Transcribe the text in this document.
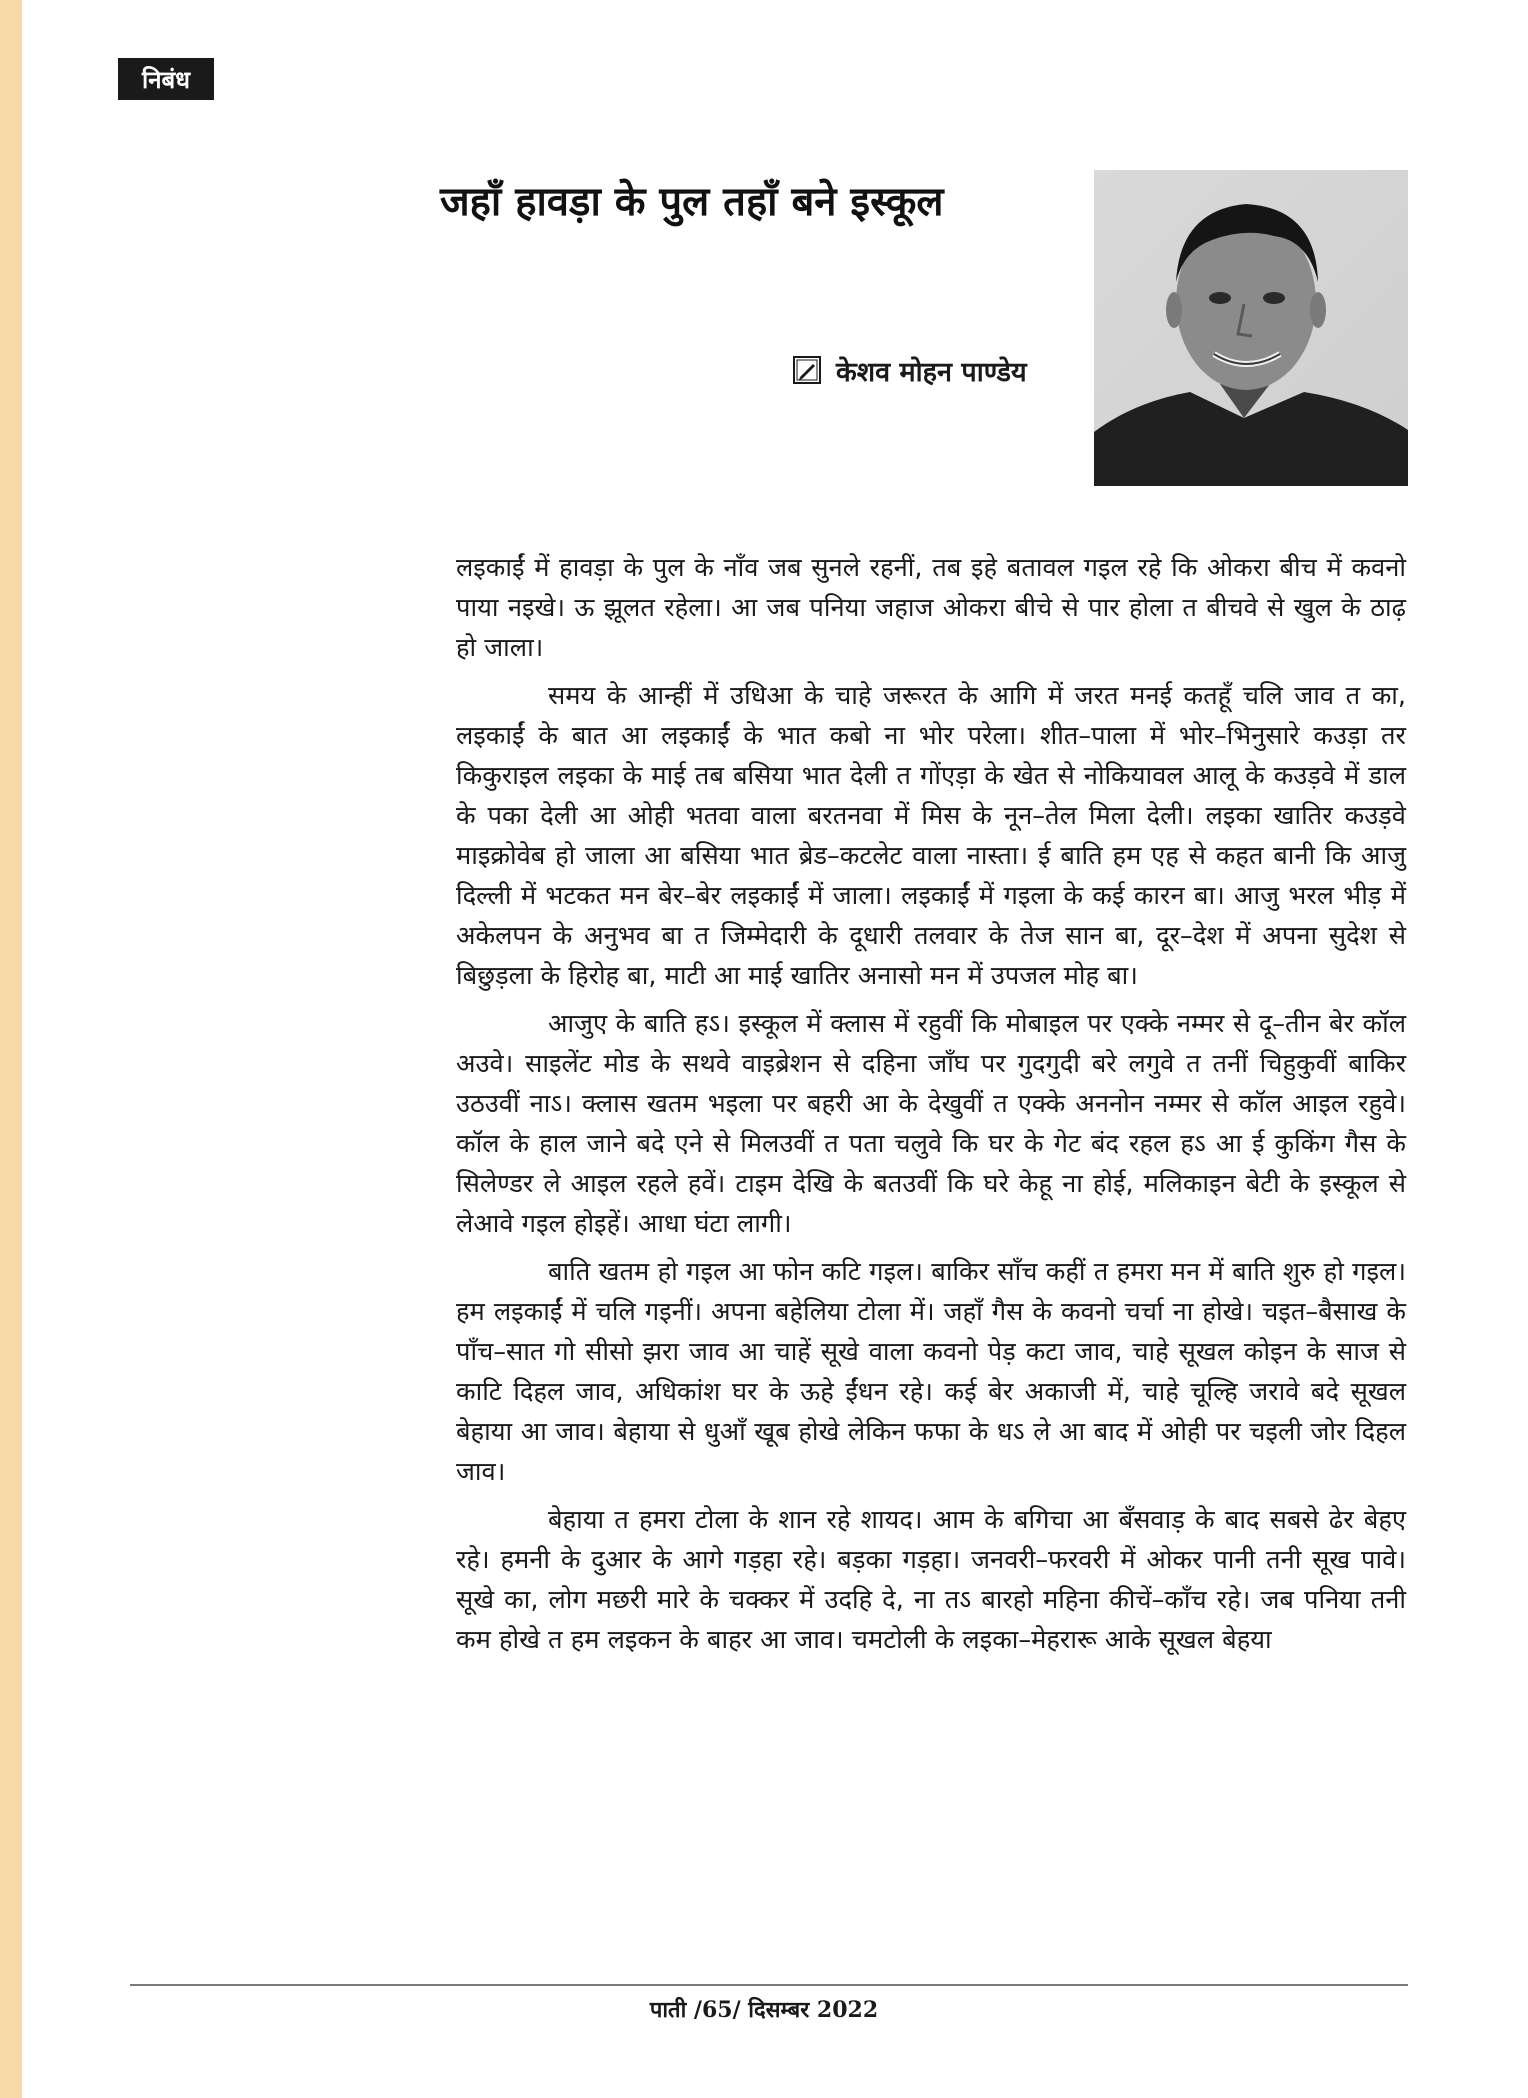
निबंध
जहाँ हावड़ा के पुल तहाँ बने इस्कूल
केशव मोहन पाण्डेय

लइकाईं में हावड़ा के पुल के नाँव जब सुनले रहनीं, तब इहे बतावल गइल रहे कि ओकरा बीच में कवनो पाया नइखे। ऊ झूलत रहेला। आ जब पनिया जहाज ओकरा बीचे से पार होला त बीचवे से खुल के ठाढ़ हो जाला।

समय के आन्हीं में उधिआ के चाहे जरूरत के आगि में जरत मनई कतहूँ चलि जाव त का, लइकाईं के बात आ लइकाईं के भात कबो ना भोर परेला। शीत–पाला में भोर–भिनुसारे कउड़ा तर किकुराइल लइका के माई तब बसिया भात देली त गोंएड़ा के खेत से नोकियावल आलू के कउड़वे में डाल के पका देली आ ओही भतवा वाला बरतनवा में मिस के नून–तेल मिला देली। लइका खातिर कउड़वे माइक्रोवेब हो जाला आ बसिया भात ब्रेड–कटलेट वाला नास्ता। ई बाति हम एह से कहत बानी कि आजु दिल्ली में भटकत मन बेर–बेर लइकाईं में जाला। लइकाईं में गइला के कई कारन बा। आजु भरल भीड़ में अकेलपन के अनुभव बा त जिम्मेदारी के दूधारी तलवार के तेज सान बा, दूर–देश में अपना सुदेश से बिछुड़ला के हिरोह बा, माटी आ माई खातिर अनासो मन में उपजल मोह बा।

आजुए के बाति हऽ। इस्कूल में क्लास में रहुवीं कि मोबाइल पर एक्के नम्मर से दू–तीन बेर कॉल अउवे। साइलेंट मोड के सथवे वाइब्रेशन से दहिना जाँघ पर गुदगुदी बरे लगुवे त तनीं चिहुकुवीं बाकिर उठउवीं नाऽ। क्लास खतम भइला पर बहरी आ के देखुवीं त एक्के अननोन नम्मर से कॉल आइल रहुवे। कॉल के हाल जाने बदे एने से मिलउवीं त पता चलुवे कि घर के गेट बंद रहल हऽ आ ई कुकिंग गैस के सिलेण्डर ले आइल रहले हवें। टाइम देखि के बतउवीं कि घरे केहू ना होई, मलिकाइन बेटी के इस्कूल से लेआवे गइल होइहें। आधा घंटा लागी।

बाति खतम हो गइल आ फोन कटि गइल। बाकिर साँच कहीं त हमरा मन में बाति शुरु हो गइल। हम लइकाईं में चलि गइनीं। अपना बहेलिया टोला में। जहाँ गैस के कवनो चर्चा ना होखे। चइत–बैसाख के पाँच–सात गो सीसो झरा जाव आ चाहें सूखे वाला कवनो पेड़ कटा जाव, चाहे सूखल कोइन के साज से काटि दिहल जाव, अधिकांश घर के ऊहे ईंधन रहे। कई बेर अकाजी में, चाहे चूल्हि जरावे बदे सूखल बेहाया आ जाव। बेहाया से धुआँ खूब होखे लेकिन फफा के धऽ ले आ बाद में ओही पर चइली जोर दिहल जाव।

बेहाया त हमरा टोला के शान रहे शायद। आम के बगिचा आ बँसवाड़ के बाद सबसे ढेर बेहए रहे। हमनी के दुआर के आगे गड़हा रहे। बड़का गड़हा। जनवरी–फरवरी में ओकर पानी तनी सूख पावे। सूखे का, लोग मछरी मारे के चक्कर में उदहि दे, ना तऽ बारहो महिना कीचें–काँच रहे। जब पनिया तनी कम होखे त हम लइकन के बाहर आ जाव। चमटोली के लइका–मेहरारू आके सूखल बेहया

पाती /65/ दिसम्बर 2022
